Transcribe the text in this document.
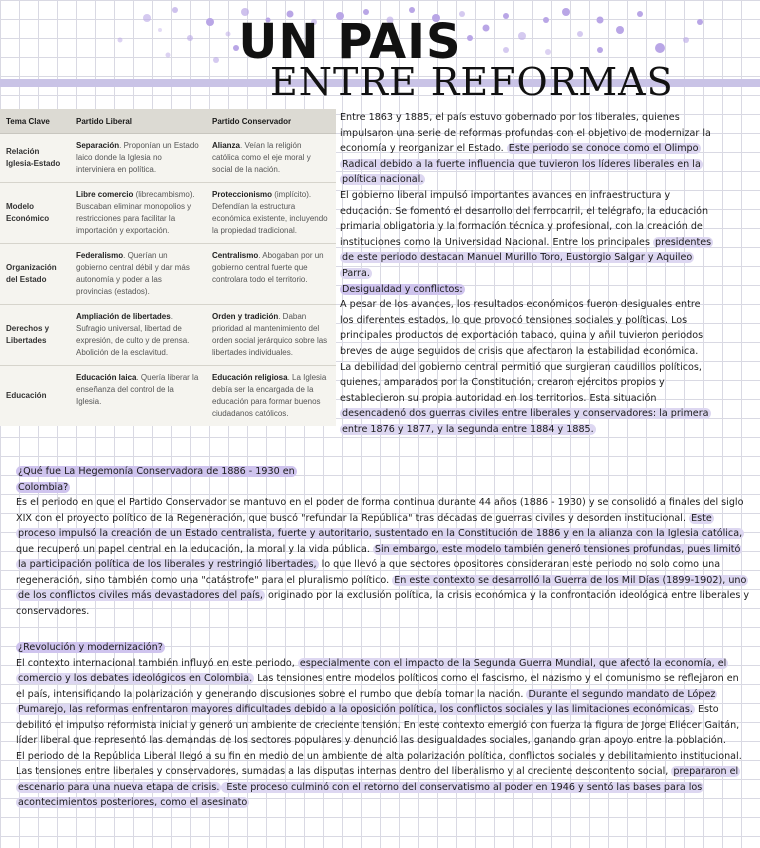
UN PAIS
ENTRE REFORMAS
Tema Clave	Partido Liberal	Partido Conservador
Relación Iglesia-Estado	Separación. Proponían un Estado laico donde la Iglesia no interviniera en política.	Alianza. Veían la religión católica como el eje moral y social de la nación.
Modelo Económico	Libre comercio (librecambismo). Buscaban eliminar monopolios y restricciones para facilitar la importación y exportación.	Proteccionismo (implícito). Defendían la estructura económica existente, incluyendo la propiedad tradicional.
Organización del Estado	Federalismo. Querían un gobierno central débil y dar más autonomía y poder a las provincias (estados).	Centralismo. Abogaban por un gobierno central fuerte que controlara todo el territorio.
Derechos y Libertades	Ampliación de libertades. Sufragio universal, libertad de expresión, de culto y de prensa. Abolición de la esclavitud.	Orden y tradición. Daban prioridad al mantenimiento del orden social jerárquico sobre las libertades individuales.
Educación	Educación laica. Quería liberar la enseñanza del control de la Iglesia.	Educación religiosa. La Iglesia debía ser la encargada de la educación para formar buenos ciudadanos católicos.

Entre 1863 y 1885, el país estuvo gobernado por los liberales, quienes impulsaron una serie de reformas profundas con el objetivo de modernizar la economía y reorganizar el Estado. Este periodo se conoce como el Olimpo Radical debido a la fuerte influencia que tuvieron los líderes liberales en la política nacional.

El gobierno liberal impulsó importantes avances en infraestructura y educación. Se fomentó el desarrollo del ferrocarril, el telégrafo, la educación primaria obligatoria y la formación técnica y profesional, con la creación de instituciones como la Universidad Nacional. Entre los principales presidentes de este periodo destacan Manuel Murillo Toro, Eustorgio Salgar y Aquileo Parra.

Desigualdad y conflictos:

A pesar de los avances, los resultados económicos fueron desiguales entre los diferentes estados, lo que provocó tensiones sociales y políticas. Los principales productos de exportación tabaco, quina y añil tuvieron periodos breves de auge seguidos de crisis que afectaron la estabilidad económica.

La debilidad del gobierno central permitió que surgieran caudillos políticos, quienes, amparados por la Constitución, crearon ejércitos propios y establecieron su propia autoridad en los territorios. Esta situación desencadenó dos guerras civiles entre liberales y conservadores: la primera entre 1876 y 1877, y la segunda entre 1884 y 1885.

¿Qué fue La Hegemonía Conservadora de 1886 - 1930 en Colombia?

Es el periodo en que el Partido Conservador se mantuvo en el poder de forma continua durante 44 años (1886 - 1930) y se consolidó a finales del siglo XIX con el proyecto político de la Regeneración, que buscó "refundar la República" tras décadas de guerras civiles y desorden institucional. Este proceso impulsó la creación de un Estado centralista, fuerte y autoritario, sustentado en la Constitución de 1886 y en la alianza con la Iglesia católica, que recuperó un papel central en la educación, la moral y la vida pública. Sin embargo, este modelo también generó tensiones profundas, pues limitó la participación política de los liberales y restringió libertades, lo que llevó a que sectores opositores consideraran este periodo no solo como una regeneración, sino también como una "catástrofe" para el pluralismo político. En este contexto se desarrolló la Guerra de los Mil Días (1899-1902), uno de los conflictos civiles más devastadores del país, originado por la exclusión política, la crisis económica y la confrontación ideológica entre liberales y conservadores.

¿Revolución y modernización?

El contexto internacional también influyó en este periodo, especialmente con el impacto de la Segunda Guerra Mundial, que afectó la economía, el comercio y los debates ideológicos en Colombia. Las tensiones entre modelos políticos como el fascismo, el nazismo y el comunismo se reflejaron en el país, intensificando la polarización y generando discusiones sobre el rumbo que debía tomar la nación. Durante el segundo mandato de López Pumarejo, las reformas enfrentaron mayores dificultades debido a la oposición política, los conflictos sociales y las limitaciones económicas. Esto debilitó el impulso reformista inicial y generó un ambiente de creciente tensión. En este contexto emergió con fuerza la figura de Jorge Eliécer Gaitán, líder liberal que representó las demandas de los sectores populares y denunció las desigualdades sociales, ganando gran apoyo entre la población.

El periodo de la República Liberal llegó a su fin en medio de un ambiente de alta polarización política, conflictos sociales y debilitamiento institucional. Las tensiones entre liberales y conservadores, sumadas a las disputas internas dentro del liberalismo y al creciente descontento social, prepararon el escenario para una nueva etapa de crisis. Este proceso culminó con el retorno del conservatismo al poder en 1946 y sentó las bases para los acontecimientos posteriores, como el asesinato
